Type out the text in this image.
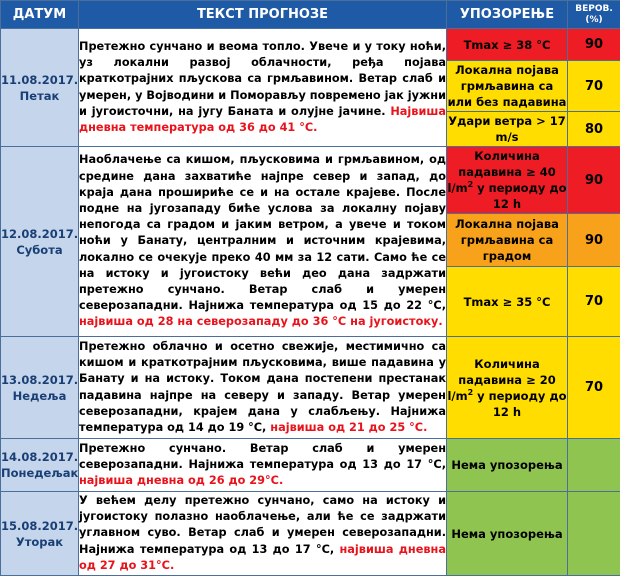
ДАТУМ	ТЕКСТ ПРОГНОЗЕ	УПОЗОРЕЊЕ	ВЕРОВ.
(%)

11.08.2017.
Петак	Претежно сунчано и веома топло. Увече и у току ноћи, уз локални развој облачности, ређа појава краткотрајних пљускова са грмљавином. Ветар слаб и умерен, у Војводини и Поморављу повремено јак јужни и југоисточни, на југу Баната и олујне јачине. Највиша дневна температура од 36 до 41 °C.	Tmax ≥ 38 °C	90
		Локална појава грмљавина са или без падавина	70
		Удари ветра > 17 m/s	80

12.08.2017.
Субота	Наоблачење са кишом, пљусковима и грмљавином, од средине дана захватиће најпре север и запад, до краја дана прошириће се и на остале крајеве. После подне на југозападу биће услова за локалну појаву непогода са градом и јаким ветром, а увече и током ноћи у Банату, централним и источним крајевима, локално се очекује преко 40 мм за 12 сати. Само ће се на истоку и југоистоку већи део дана задржати претежно сунчано. Ветар слаб и умерен северозападни. Најнижа температура од 15 до 22 °C, највиша од 28 на северозападу до 36 °C на југоистоку.	Количина падавина ≥ 40 $l/m^2$ у периоду до 12 h	90
		Локална појава грмљавина са градом	90
		Tmax ≥ 35 °C	70

13.08.2017.
Недеља	Претежно облачно и осетно свежије, местимично са кишом и краткотрајним пљусковима, више падавина у Банату и на истоку. Током дана постепени престанак падавина најпре на северу и западу. Ветар умерен северозападни, крајем дана у слабљењу. Најнижа температура од 14 до 19 °C, највиша од 21 до 25 °C.	Количина падавина ≥ 20 $l/m^2$ у периоду до 12 h	70

14.08.2017.
Понедељак	Претежно сунчано. Ветар слаб и умерен северозападни. Најнижа температура од 13 до 17 °C, највиша дневна од 26 до 29°C.	Нема упозорења	

15.08.2017.
Уторак	У већем делу претежно сунчано, само на истоку и југоистоку пoлазно наоблачење, али ће се задржати углавном суво. Ветар слаб и умерен северозападни. Најнижа температура од 13 до 17 °C, највиша дневна од 27 до 31°C.	Нема упозорења	
